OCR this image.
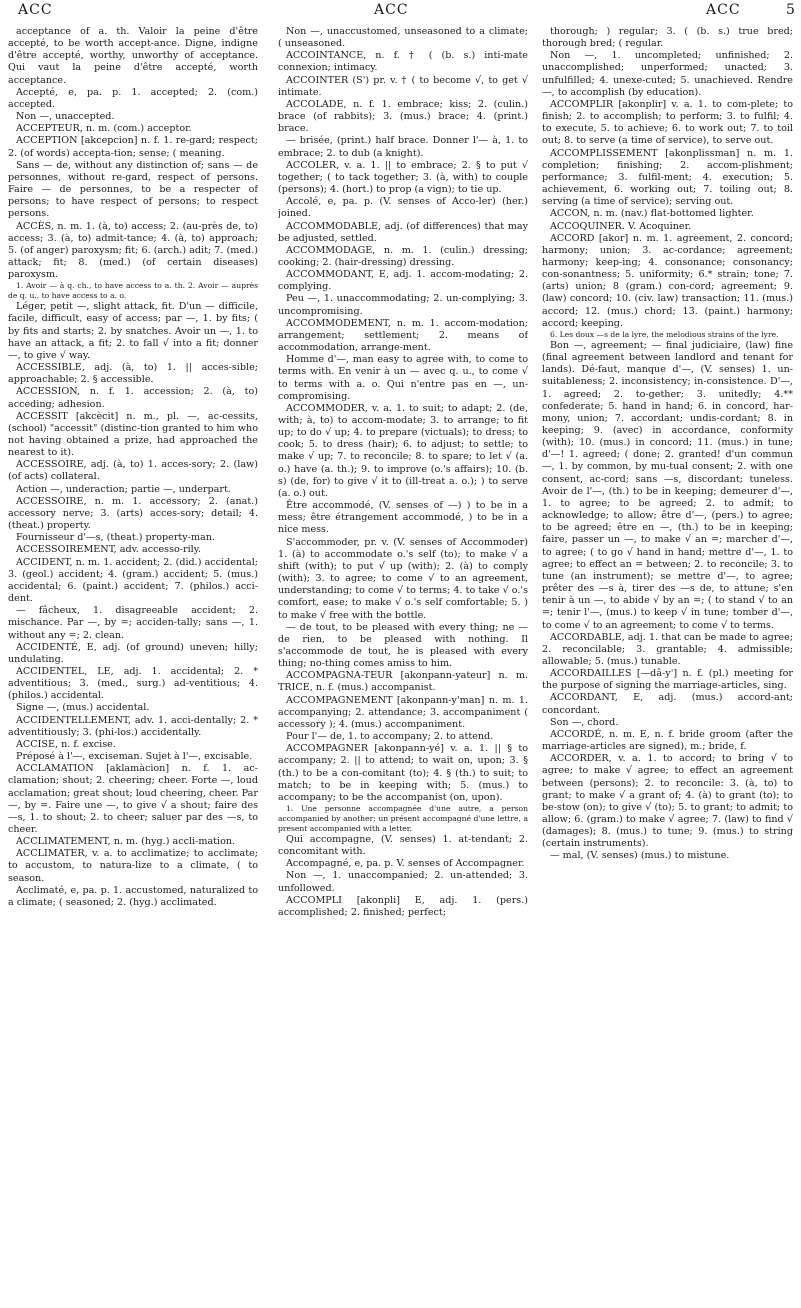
ACC	ACC	ACC	5
acceptance of a. th. Valoir la peine d'être accepté, to be worth accept-ance. Digne, indigne d'être accepté, worthy, unworthy of acceptance. Qui vaut la peine d'être accepté, worth acceptance.
Accepté, e, pa. p. 1. accepted; 2. (com.) accepted.
Non —, unaccepted.
ACCEPTEUR, n. m. (com.) acceptor.
ACCEPTION [akcepcion] n. f. 1. re-gard; respect; 2. (of words) accepta-tion; sense; ( meaning.
Sans — de, without any distinction of; sans — de personnes, without re-gard, respect of persons. Faire — de personnes, to be a respecter of persons; to have respect of persons; to respect persons.
ACCÈS, n. m. 1. (à, to) access; 2. (au-près de, to) access; 3. (à, to) admit-tance; 4. (à, to) approach; 5. (of anger) paroxysm; fit; 6. (arch.) adit; 7. (med.) attack; fit; 8. (med.) (of certain diseases) paroxysm.
1. Avoir — à q. ch., to have access to a. th. 2. Avoir — auprès de q. u., to have access to a. o.
Léger, petit —, slight attack, fit. D'un — difficile, facile, difficult, easy of access; par —, 1. by fits; ( by fits and starts; 2. by snatches. Avoir un —, 1. to have an attack, a fit; 2. to fall √ into a fit; donner —, to give √ way.
ACCESSIBLE, adj. (à, to) 1. || acces-sible; approachable; 2. § accessible.
ACCESSION, n. f. 1. accession; 2. (à, to) acceding; adhesion.
ACCESSIT [akcècit] n. m., pl. —, ac-cessits, (school) "accessit" (distinc-tion granted to him who not having obtained a prize, had approached the nearest to it).
ACCESSOIRE, adj. (à, to) 1. acces-sory; 2. (law) (of acts) collateral.
Action —, underaction; partie —, underpart.
ACCESSOIRE, n. m. 1. accessory; 2. (anat.) accessory nerve; 3. (arts) acces-sory; detail; 4. (theat.) property.
Fournisseur d'—s, (theat.) property-man.
ACCESSOIREMENT, adv. accesso-rily.
ACCIDENT, n. m. 1. accident; 2. (did.) accidental; 3. (geol.) accident; 4. (gram.) accident; 5. (mus.) accidental; 6. (paint.) accident; 7. (philos.) acci-dent.
— fâcheux, 1. disagreeable accident; 2. mischance. Par —, by =; acciden-tally; sans —, 1. without any =; 2. clean.
ACCIDENTÉ, E, adj. (of ground) uneven; hilly; undulating.
ACCIDENTEL, LE, adj. 1. accidental; 2. * adventitious; 3. (med., surg.) ad-ventitious; 4. (philos.) accidental.
Signe —, (mus.) accidental.
ACCIDENTELLEMENT, adv. 1. acci-dentally; 2. * adventitiously; 3. (phi-los.) accidentally.
ACCISE, n. f. excise.
Préposé à l'—, exciseman. Sujet à l'—, excisable.
ACCLAMATION [aklamàcion] n. f. 1. ac-clamation; shout; 2. cheering; cheer. Forte —, loud acclamation; great shout; loud cheering, cheer. Par —, by =. Faire une —, to give √ a shout; faire des —s, 1. to shout; 2. to cheer; saluer par des —s, to cheer.
ACCLIMATEMENT, n. m. (hyg.) accli-mation.
ACCLIMATER, v. a. to acclimatize; to acclimate; to accustom, to natura-lize to a climate, ( to season.
Acclimaté, e, pa. p. 1. accustomed, naturalized to a climate; ( seasoned; 2. (hyg.) acclimated.
Non —, unaccustomed, unseasoned to a climate; ( unseasoned.
ACCOINTANCE, n. f. † ( (b. s.) inti-mate connexion; intimacy.
ACCOINTER (S') pr. v. † ( to become √, to get √ intimate.
ACCOLADE, n. f. 1. embrace; kiss; 2. (culin.) brace (of rabbits); 3. (mus.) brace; 4. (print.) brace.
— brisée, (print.) half brace. Donner l'— à, 1. to embrace; 2. to dub (a knight).
ACCOLER, v. a. 1. || to embrace; 2. § to put √ together; ( to tack together; 3. (à, with) to couple (persons); 4. (hort.) to prop (a vign); to tie up.
Accolé, e, pa. p. (V. senses of Acco-ler) (her.) joined.
ACCOMMODABLE, adj. (of differences) that may be adjusted, settled.
ACCOMMODAGE, n. m. 1. (culin.) dressing; cooking; 2. (hair-dressing) dressing.
ACCOMMODANT, E, adj. 1. accom-modating; 2. complying.
Peu —, 1. unaccommodating; 2. un-complying; 3. uncompromising.
ACCOMMODEMENT, n. m. 1. accom-modation; arrangement; settlement; 2. means of accommodation, arrange-ment.
Homme d'—, man easy to agree with, to come to terms with. En venir à un — avec q. u., to come √ to terms with a. o. Qui n'entre pas en —, un-compromising.
ACCOMMODER, v. a. 1. to suit; to adapt; 2. (de, with; à, to) to accom-modate; 3. to arrange; to fit up; to do √ up; 4. to prepare (victuals); to dress; to cook; 5. to dress (hair); 6. to adjust; to settle; to make √ up; 7. to reconcile; 8. to spare; to let √ (a. o.) have (a. th.); 9. to improve (o.'s affairs); 10. (b. s) (de, for) to give √ it to (ill-treat a. o.); ) to serve (a. o.) out.
Être accommodé, (V. senses of —) ) to be in a mess; être étrangement accommodé, ) to be in a nice mess.
S'accommoder, pr. v. (V. senses of Accommoder) 1. (à) to accommodate o.'s self (to); to make √ a shift (with); to put √ up (with); 2. (à) to comply (with); 3. to agree; to come √ to an agreement, understanding; to come √ to terms; 4. to take √ o.'s comfort, ease; to make √ o.'s self comfortable; 5. ) to make √ free with the bottle.
— de tout, to be pleased with every thing; ne — de rien, to be pleased with nothing. Il s'accommode de tout, he is pleased with every thing; no-thing comes amiss to him.
ACCOMPAGNA-TEUR [akonpann-yateur] n. m. TRICE, n. f. (mus.) accompanist.
ACCOMPAGNEMENT [akonpann-y'man] n. m. 1. accompanying; 2. attendance; 3. accompaniment ( accessory ); 4. (mus.) accompaniment.
Pour l'— de, 1. to accompany; 2. to attend.
ACCOMPAGNER [akonpann-yé] v. a. 1. || § to accompany; 2. || to attend; to wait on, upon; 3. § (th.) to be a con-comitant (to); 4. § (th.) to suit; to match; to be in keeping with; 5. (mus.) to accompany; to be the accompanist (on, upon).
1. Une personne accompagnée d'une autre, a person accompanied by another; un présent accompagné d'une lettre, a present accompanied with a letter.
Qui accompagne, (V. senses) 1. at-tendant; 2. concomitant with.
Accompagné, e, pa. p. V. senses of Accompagner.
Non —, 1. unaccompanied; 2. un-attended; 3. unfollowed.
ACCOMPLI [akonpli] E, adj. 1. (pers.) accomplished; 2. finished; perfect;
thorough; ) regular; 3. ( (b. s.) true bred; thorough bred; ( regular.
Non —, 1. uncompleted; unfinished; 2. unaccomplished; unperformed; unacted; 3. unfulfilled; 4. unexe-cuted; 5. unachieved. Rendre —, to accomplish (by education).
ACCOMPLIR [akonplir] v. a. 1. to com-plete; to finish; 2. to accomplish; to perform; 3. to fulfil; 4. to execute, 5. to achieve; 6. to work out; 7. to toil out; 8. to serve (a time of service), to serve out.
ACCOMPLISSEMENT [akonplissman] n. m. 1. completion; finishing; 2. accom-plishment; performance; 3. fulfil-ment; 4. execution; 5. achievement, 6. working out; 7. toiling out; 8. serving (a time of service); serving out.
ACCON, n. m. (nav.) flat-bottomed lighter.
ACCOQUINER. V. Acoquiner.
ACCORD [akor] n. m. 1. agreement, 2. concord; harmony; union; 3. ac-cordance; agreement; harmony; keep-ing; 4. consonance; consonancy; con-sonantness; 5. uniformity; 6.* strain; tone; 7. (arts) union; 8 (gram.) con-cord; agreement; 9. (law) concord; 10. (civ. law) transaction; 11. (mus.) accord; 12. (mus.) chord; 13. (paint.) harmony; accord; keeping.
6. Les doux —s de la lyre, the melodious strains of the lyre.
Bon —, agreement; — final judiciaire, (law) fine (final agreement between landlord and tenant for lands). Dé-faut, manque d'—, (V. senses) 1. un-suitableness; 2. inconsistency; in-consistence. D'—, 1. agreed; 2. to-gether; 3. unitedly; 4.** confederate; 5. hand in hand; 6. in concord, har-mony, union; 7. accordant; undis-cordant; 8. in keeping; 9. (avec) in accordance, conformity (with); 10. (mus.) in concord; 11. (mus.) in tune; d'—! 1. agreed; ( done; 2. granted! d'un commun —, 1. by common, by mu-tual consent; 2. with one consent, ac-cord; sans —s, discordant; tuneless. Avoir de l'—, (th.) to be in keeping; demeurer d'—, 1. to agree; to be agreed; 2. to admit; to acknowledge; to allow; être d'—, (pers.) to agree; to be agreed; être en —, (th.) to be in keeping; faire, passer un —, to make √ an =; marcher d'—, to agree; ( to go √ hand in hand; mettre d'—, 1. to agree; to effect an = between; 2. to reconcile; 3. to tune (an instrument); se mettre d'—, to agree; prêter des —s à, tirer des —s de, to attune; s'en tenir à un —, to abide √ by an =; ( to stand √ to an =; tenir l'—, (mus.) to keep √ in tune; tomber d'—, to come √ to an agreement; to come √ to terms.
ACCORDABLE, adj. 1. that can be made to agree; 2. reconcilable; 3. grantable; 4. admissible; allowable; 5. (mus.) tunable.
ACCORDAILLES [—dâ-y'] n. f. (pl.) meeting for the purpose of signing the marriage-articles, sing.
ACCORDANT, E, adj. (mus.) accord-ant; concordant.
Son —, chord.
ACCORDÉ, n. m. E, n. f. bride groom (after the marriage-articles are signed), m.; bride, f.
ACCORDER, v. a. 1. to accord; to bring √ to agree; to make √ agree; to effect an agreement between (persons); 2. to reconcile: 3. (à, to) to grant; to make √ a grant of; 4. (à) to grant (to); to be-stow (on); to give √ (to); 5. to grant; to admit; to allow; 6. (gram.) to make √ agree; 7. (law) to find √ (damages); 8. (mus.) to tune; 9. (mus.) to string (certain instruments).
— mal, (V. senses) (mus.) to mistune.
